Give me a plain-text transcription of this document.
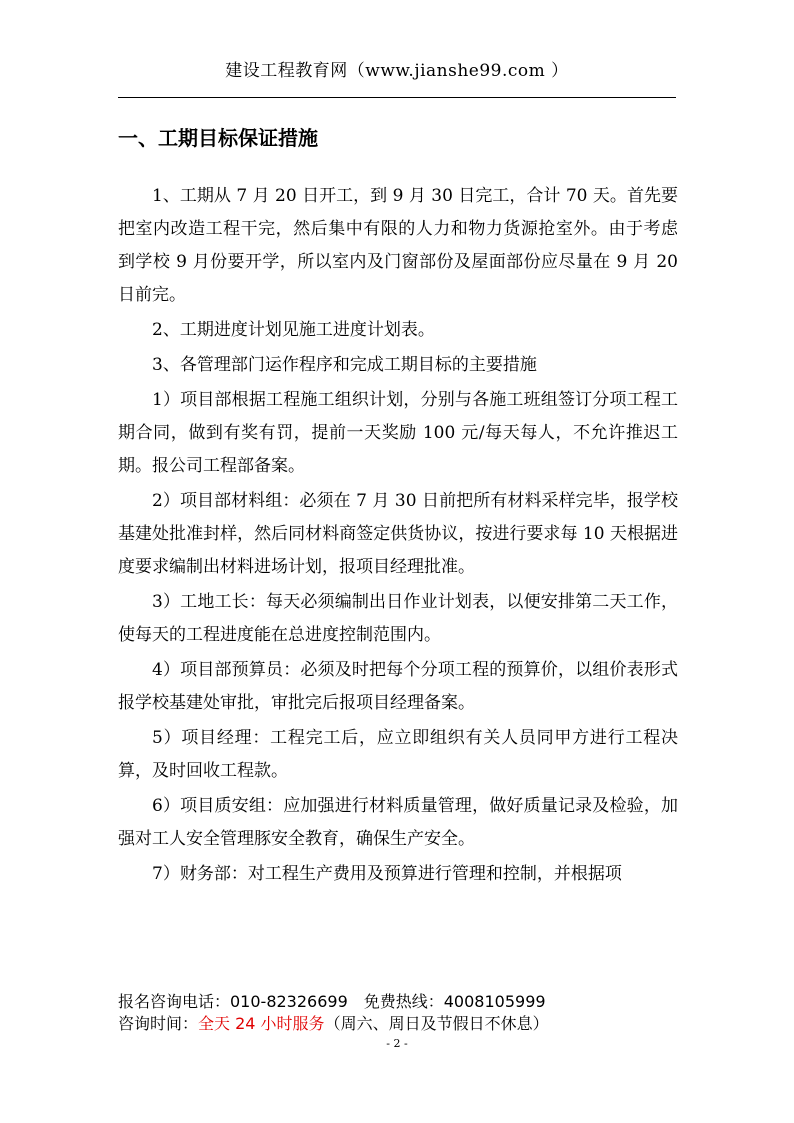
建设工程教育网（www.jianshe99.com ）
一、工期目标保证措施

1、工期从 7 月 20 日开工，到 9 月 30 日完工，合计 70 天。首先要把室内改造工程干完，然后集中有限的人力和物力货源抢室外。由于考虑到学校 9 月份要开学，所以室内及门窗部份及屋面部份应尽量在 9 月 20 日前完。

2、工期进度计划见施工进度计划表。

3、各管理部门运作程序和完成工期目标的主要措施

1）项目部根据工程施工组织计划，分别与各施工班组签订分项工程工期合同，做到有奖有罚，提前一天奖励 100 元/每天每人，不允许推迟工期。报公司工程部备案。

2）项目部材料组：必须在 7 月 30 日前把所有材料采样完毕，报学校基建处批准封样，然后同材料商签定供货协议，按进行要求每 10 天根据进度要求编制出材料进场计划，报项目经理批准。

3）工地工长：每天必须编制出日作业计划表，以便安排第二天工作，使每天的工程进度能在总进度控制范围内。

4）项目部预算员：必须及时把每个分项工程的预算价，以组价表形式报学校基建处审批，审批完后报项目经理备案。

5）项目经理：工程完工后，应立即组织有关人员同甲方进行工程决算，及时回收工程款。

6）项目质安组：应加强进行材料质量管理，做好质量记录及检验，加强对工人安全管理豚安全教育，确保生产安全。

7）财务部：对工程生产费用及预算进行管理和控制，并根据项

报名咨询电话：010-82326699　免费热线：4008105999
咨询时间：全天 24 小时服务（周六、周日及节假日不休息）
- 2 -
